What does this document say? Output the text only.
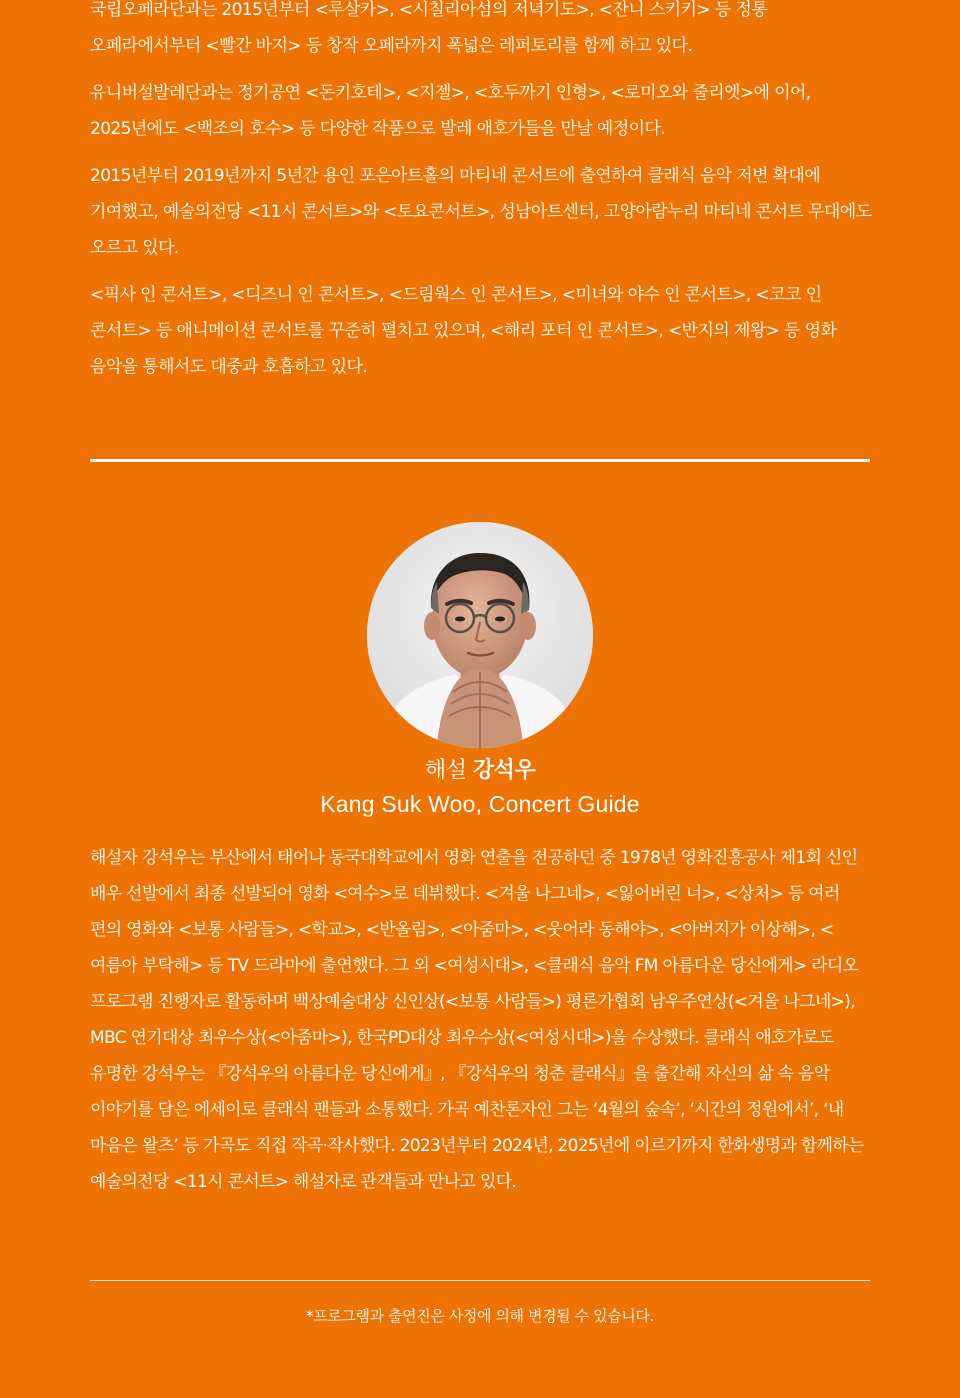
국립오페라단과는 2015년부터 <루살카>, <시칠리아섬의 저녁기도>, <잔니 스키키> 등 정통 오페라에서부터 <빨간 바지> 등 창작 오페라까지 폭넓은 레퍼토리를 함께 하고 있다.

유니버설발레단과는 정기공연 <돈키호테>, <지젤>, <호두까기 인형>, <로미오와 줄리엣>에 이어, 2025년에도 <백조의 호수> 등 다양한 작품으로 발레 애호가들을 만날 예정이다.

2015년부터 2019년까지 5년간 용인 포은아트홀의 마티네 콘서트에 출연하여 클래식 음악 저변 확대에 기여했고, 예술의전당 <11시 콘서트>와 <토요콘서트>, 성남아트센터, 고양아람누리 마티네 콘서트 무대에도 오르고 있다.

<픽사 인 콘서트>, <디즈니 인 콘서트>, <드림웍스 인 콘서트>, <미녀와 야수 인 콘서트>, <코코 인 콘서트> 등 애니메이션 콘서트를 꾸준히 펼치고 있으며, <해리 포터 인 콘서트>, <반지의 제왕> 등 영화 음악을 통해서도 대중과 호흡하고 있다.

해설 강석우
Kang Suk Woo, Concert Guide

해설자 강석우는 부산에서 태어나 동국대학교에서 영화 연출을 전공하던 중 1978년 영화진흥공사 제1회 신인 배우 선발에서 최종 선발되어 영화 <여수>로 데뷔했다. <겨울 나그네>, <잃어버린 너>, <상처> 등 여러 편의 영화와 <보통 사람들>, <학교>, <반올림>, <아줌마>, <웃어라 동해야>, <아버지가 이상해>, <여름아 부탁해> 등 TV 드라마에 출연했다. 그 외 <여성시대>, <클래식 음악 FM 아름다운 당신에게> 라디오 프로그램 진행자로 활동하며 백상예술대상 신인상(<보통 사람들>) 평론가협회 남우주연상(<겨울 나그네>), MBC 연기대상 최우수상(<아줌마>), 한국PD대상 최우수상(<여성시대>)을 수상했다. 클래식 애호가로도 유명한 강석우는 『강석우의 아름다운 당신에게』, 『강석우의 청춘 클래식』을 출간해 자신의 삶 속 음악 이야기를 담은 에세이로 클래식 팬들과 소통했다. 가곡 예찬론자인 그는 ‘4월의 숲속’, ‘시간의 정원에서’, ‘내 마음은 왈츠’ 등 가곡도 직접 작곡·작사했다. 2023년부터 2024년, 2025년에 이르기까지 한화생명과 함께하는 예술의전당 <11시 콘서트> 해설자로 관객들과 만나고 있다.

*프로그램과 출연진은 사정에 의해 변경될 수 있습니다.
